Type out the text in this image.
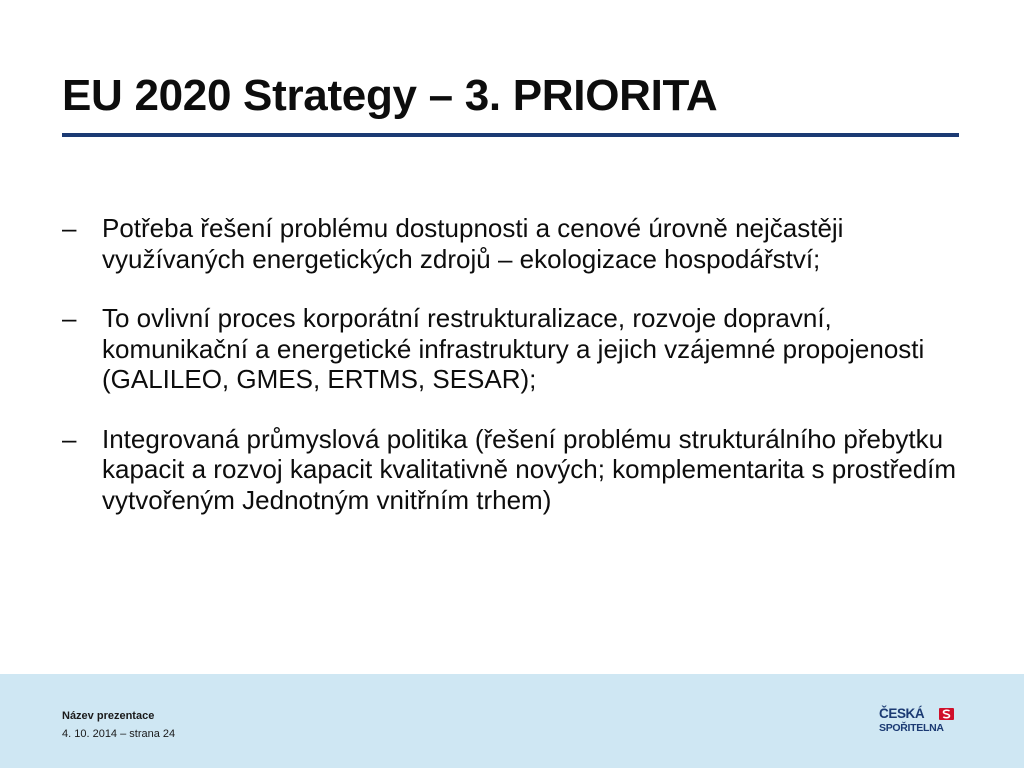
EU 2020 Strategy – 3. PRIORITA
– Potřeba řešení problému dostupnosti a cenové úrovně nejčastěji využívaných energetických zdrojů – ekologizace hospodářství;
– To ovlivní proces korporátní restrukturalizace, rozvoje dopravní, komunikační a energetické infrastruktury a jejich vzájemné propojenosti (GALILEO, GMES, ERTMS, SESAR);
– Integrovaná průmyslová politika (řešení problému strukturálního přebytku kapacit a rozvoj kapacit kvalitativně nových; komplementarita s prostředím vytvořeným Jednotným vnitřním trhem)
Název prezentace
4. 10. 2014 – strana 24
ČESKÁ
SPOŘITELNA
